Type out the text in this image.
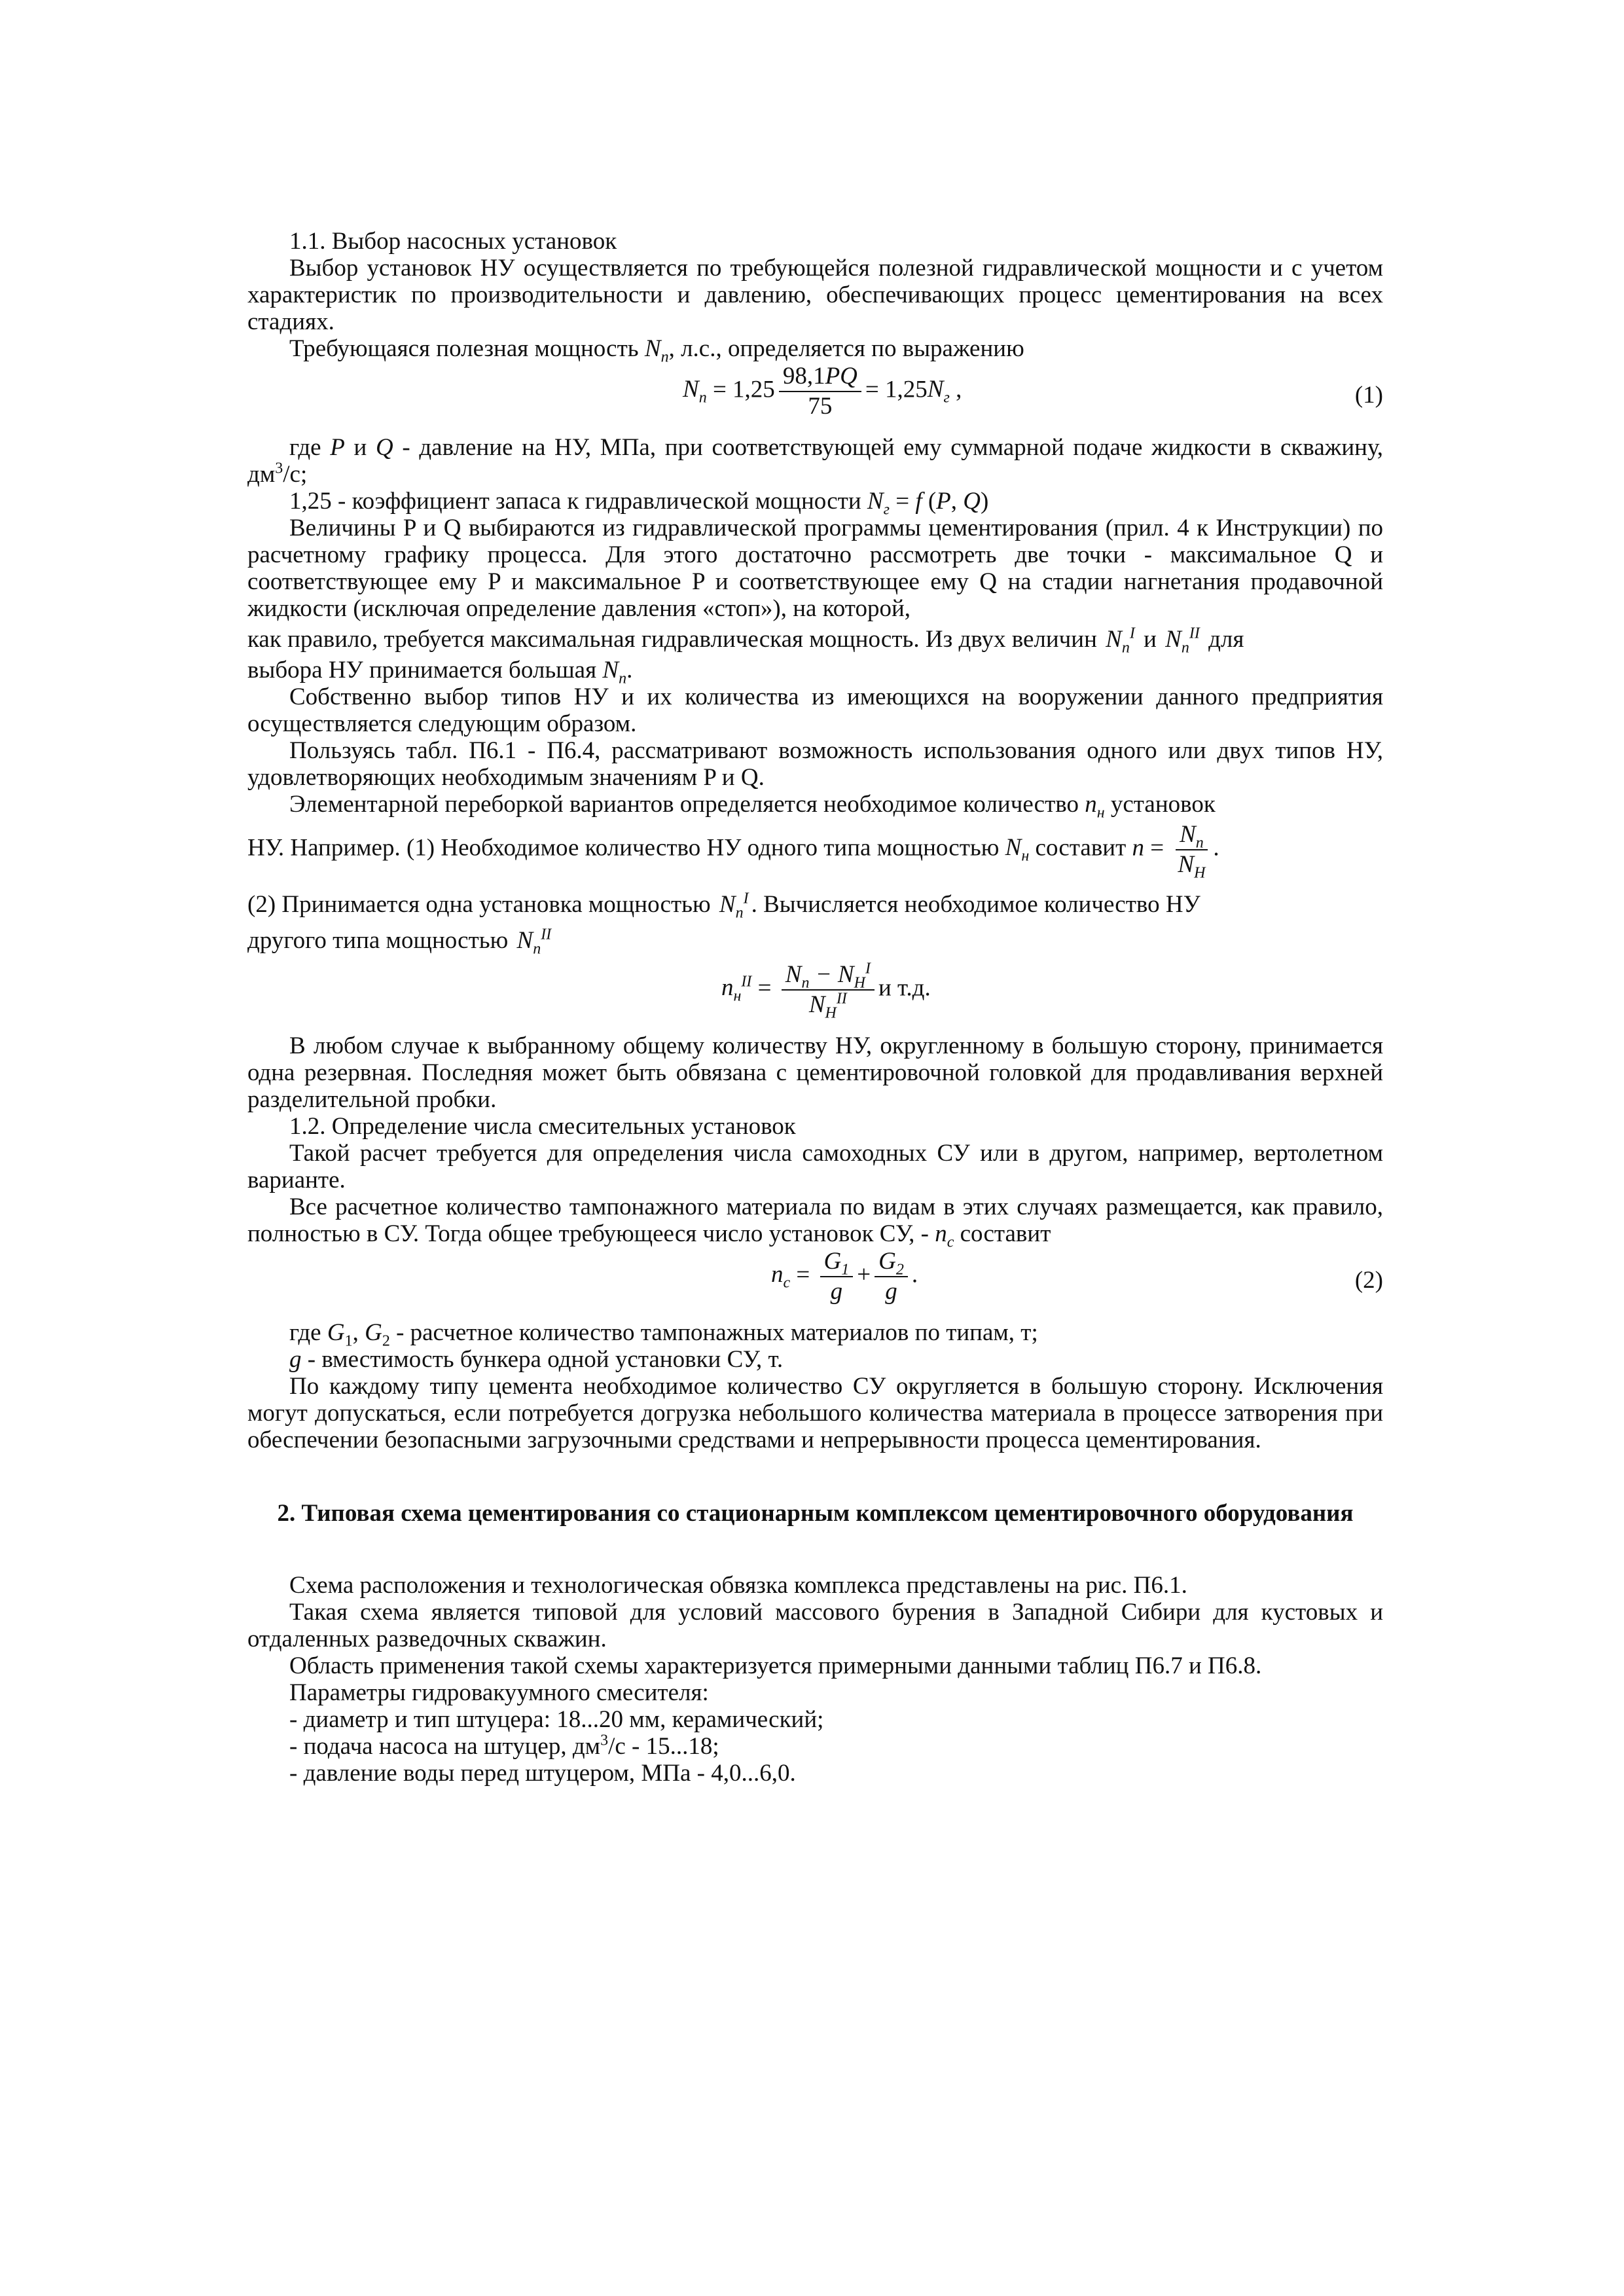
1.1. Выбор насосных установок

Выбор установок НУ осуществляется по требующейся полезной гидравлической мощности и с учетом характеристик по производительности и давлению, обеспечивающих процесс цементирования на всех стадиях.

Требующаяся полезная мощность $N_п$, л.с., определяется по выражению

$N_п = 1,25 \frac{98,1PQ}{75} = 1,25N_г$ ,	(1)

где P и Q - давление на НУ, МПа, при соответствующей ему суммарной подаче жидкости в скважину, $дм^3/с$;

1,25 - коэффициент запаса к гидравлической мощности $N_г = f$ (P, Q)

Величины P и Q выбираются из гидравлической программы цементирования (прил. 4 к Инструкции) по расчетному графику процесса. Для этого достаточно рассмотреть две точки - максимальное Q и соответствующее ему P и максимальное P и соответствующее ему Q на стадии нагнетания продавочной жидкости (исключая определение давления «стоп»), на которой,

как правило, требуется максимальная гидравлическая мощность. Из двух величин $N_п^I$ и $N_п^{II}$ для

выбора НУ принимается большая $N_п$.

Собственно выбор типов НУ и их количества из имеющихся на вооружении данного предприятия осуществляется следующим образом.

Пользуясь табл. П6.1 - П6.4, рассматривают возможность использования одного или двух типов НУ, удовлетворяющих необходимым значениям P и Q.

Элементарной переборкой вариантов определяется необходимое количество $n_н$ установок

НУ. Например. (1) Необходимое количество НУ одного типа мощностью $N_н$ составит $n = \frac{N_п}{N_Н}$ .

(2) Принимается одна установка мощностью $N_п^I$ . Вычисляется необходимое количество НУ

другого типа мощностью $N_п^{II}$

$n_н^{II} = \frac{N_п - N_Н^I}{N_Н^{II}}$ и т.д.

В любом случае к выбранному общему количеству НУ, округленному в большую сторону, принимается одна резервная. Последняя может быть обвязана с цементировочной головкой для продавливания верхней разделительной пробки.

1.2. Определение числа смесительных установок

Такой расчет требуется для определения числа самоходных СУ или в другом, например, вертолетном варианте.

Все расчетное количество тампонажного материала по видам в этих случаях размещается, как правило, полностью в СУ. Тогда общее требующееся число установок СУ, - $n_c$ составит

$n_c = \frac{G_1}{g} + \frac{G_2}{g}$ .	(2)

где $G_1$, $G_2$ - расчетное количество тампонажных материалов по типам, т;

g - вместимость бункера одной установки СУ, т.

По каждому типу цемента необходимое количество СУ округляется в большую сторону. Исключения могут допускаться, если потребуется догрузка небольшого количества материала в процессе затворения при обеспечении безопасными загрузочными средствами и непрерывности процесса цементирования.

2. Типовая схема цементирования со стационарным комплексом цементировочного оборудования

Схема расположения и технологическая обвязка комплекса представлены на рис. П6.1.

Такая схема является типовой для условий массового бурения в Западной Сибири для кустовых и отдаленных разведочных скважин.

Область применения такой схемы характеризуется примерными данными таблиц П6.7 и П6.8.

Параметры гидровакуумного смесителя:

- диаметр и тип штуцера: 18...20 мм, керамический;

- подача насоса на штуцер, $дм^3/с - 15...18$;

- давление воды перед штуцером, МПа - 4,0...6,0.
